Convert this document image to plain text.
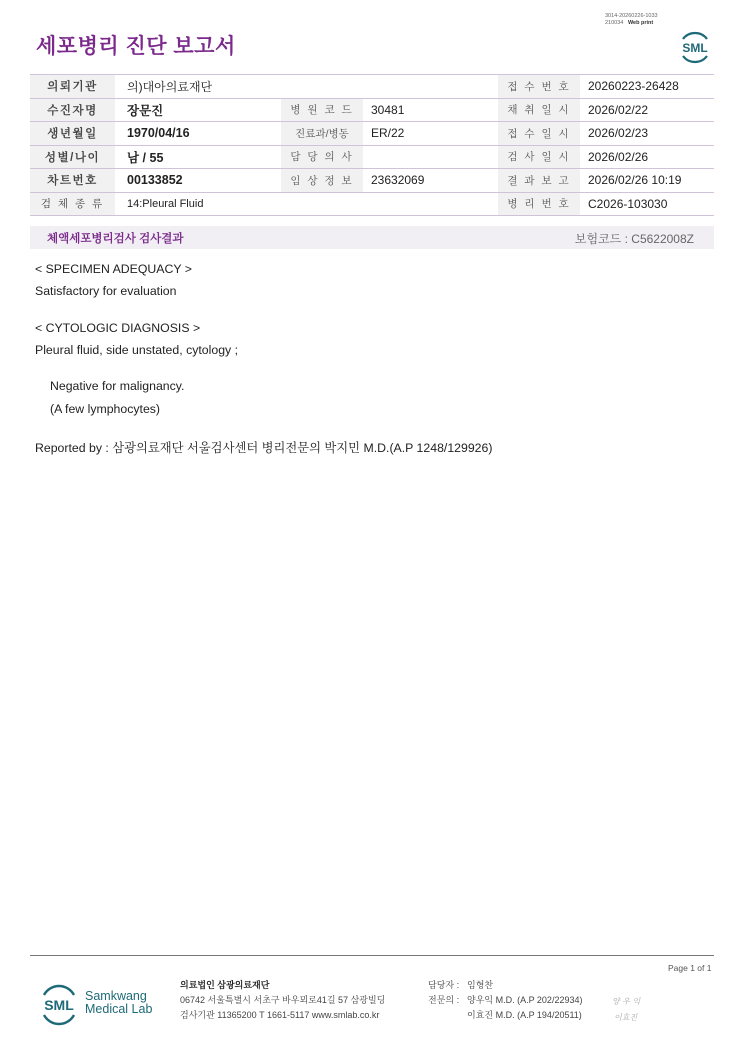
세포병리 진단 보고서
3014-20260226-1033
210034 Web print
SML
의뢰기관	의)대아의료재단			접 수 번 호	20260223-26428
수진자명	장문진	병 원 코 드	30481	채 취 일 시	2026/02/22
생년월일	1970/04/16	진료과/병동	ER/22	접 수 일 시	2026/02/23
성별/나이	남 / 55	담 당 의 사		검 사 일 시	2026/02/26
차트번호	00133852	임 상 정 보	23632069	결 과 보 고	2026/02/26 10:19
검 체 종 류	14:Pleural Fluid			병 리 번 호	C2026-103030
체액세포병리검사 검사결과	보험코드 : C5622008Z
< SPECIMEN ADEQUACY >
Satisfactory for evaluation
< CYTOLOGIC DIAGNOSIS >
Pleural fluid, side unstated, cytology ;
Negative for malignancy.
(A few lymphocytes)
Reported by : 삼광의료재단 서울검사센터 병리전문의 박지민 M.D.(A.P 1248/129926)
Page 1 of 1
SML
Samkwang
Medical Lab
의료법인 삼광의료재단
06742 서울특별시 서초구 바우뫼로41길 57 삼광빌딩
검사기관 11365200 T 1661-5117 www.smlab.co.kr
담당자 :
전문의 :
임형찬
양우익 M.D. (A.P 202/22934)
이효진 M.D. (A.P 194/20511)
양 우 익
이효진
